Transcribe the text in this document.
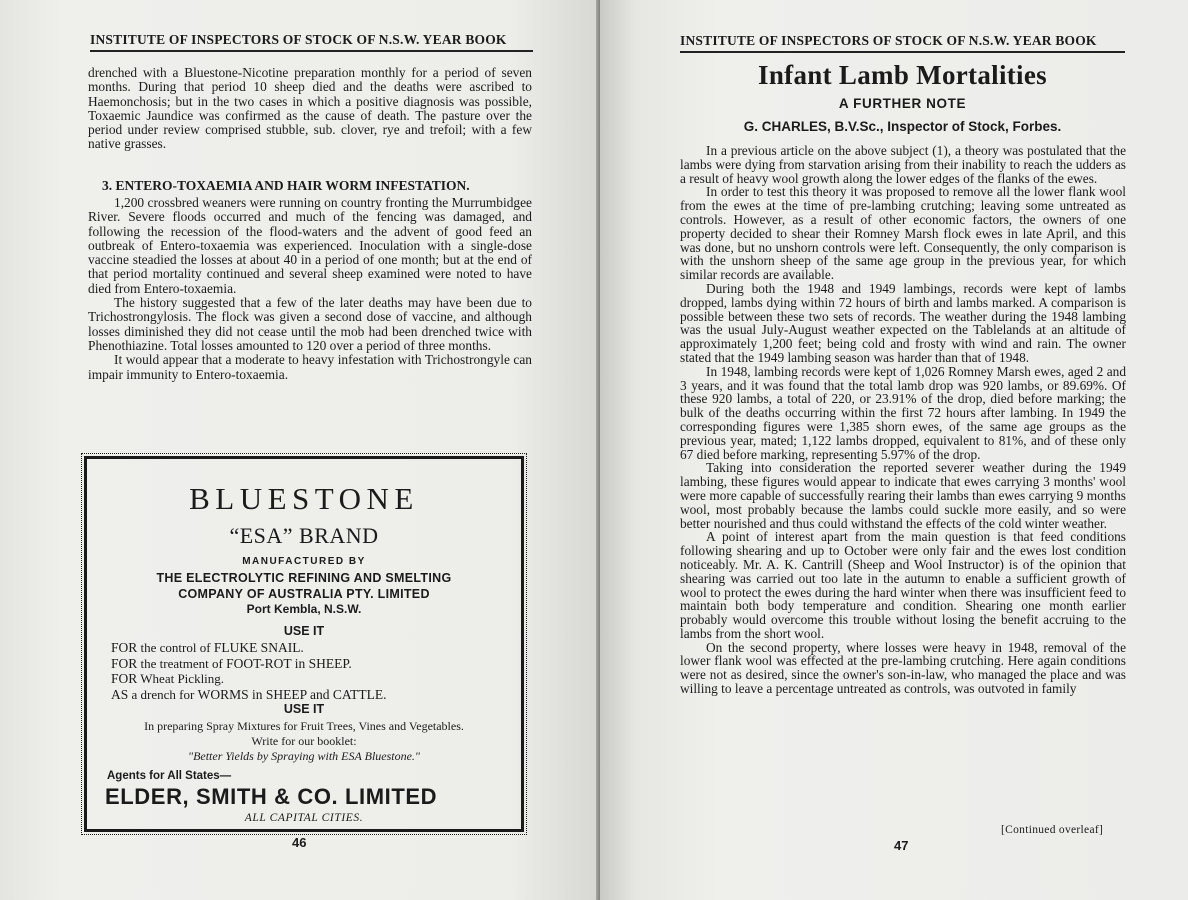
INSTITUTE OF INSPECTORS OF STOCK OF N.S.W. YEAR BOOK

drenched with a Bluestone-Nicotine preparation monthly for a period of seven months. During that period 10 sheep died and the deaths were ascribed to Haemonchosis; but in the two cases in which a positive diagnosis was possible, Toxaemic Jaundice was confirmed as the cause of death. The pasture over the period under review comprised stubble, sub. clover, rye and trefoil; with a few native grasses.

3. ENTERO-TOXAEMIA AND HAIR WORM INFESTATION.

1,200 crossbred weaners were running on country fronting the Murrumbidgee River. Severe floods occurred and much of the fencing was damaged, and following the recession of the flood-waters and the advent of good feed an outbreak of Entero-toxaemia was experienced. Inoculation with a single-dose vaccine steadied the losses at about 40 in a period of one month; but at the end of that period mortality continued and several sheep examined were noted to have died from Entero-toxaemia.

The history suggested that a few of the later deaths may have been due to Trichostrongylosis. The flock was given a second dose of vaccine, and although losses diminished they did not cease until the mob had been drenched twice with Phenothiazine. Total losses amounted to 120 over a period of three months.

It would appear that a moderate to heavy infestation with Trichostrongyle can impair immunity to Entero-toxaemia.

BLUESTONE
“ESA” BRAND
MANUFACTURED BY
THE ELECTROLYTIC REFINING AND SMELTING
COMPANY OF AUSTRALIA PTY. LIMITED
Port Kembla, N.S.W.
USE IT
FOR the control of FLUKE SNAIL.
FOR the treatment of FOOT-ROT in SHEEP.
FOR Wheat Pickling.
AS a drench for WORMS in SHEEP and CATTLE.
USE IT
In preparing Spray Mixtures for Fruit Trees, Vines and Vegetables.
Write for our booklet:
"Better Yields by Spraying with ESA Bluestone."
Agents for All States—
ELDER, SMITH & CO. LIMITED
ALL CAPITAL CITIES.
46
INSTITUTE OF INSPECTORS OF STOCK OF N.S.W. YEAR BOOK
Infant Lamb Mortalities
A FURTHER NOTE
G. CHARLES, B.V.Sc., Inspector of Stock, Forbes.

In a previous article on the above subject (1), a theory was postulated that the lambs were dying from starvation arising from their inability to reach the udders as a result of heavy wool growth along the lower edges of the flanks of the ewes.

In order to test this theory it was proposed to remove all the lower flank wool from the ewes at the time of pre-lambing crutching; leaving some untreated as controls. However, as a result of other economic factors, the owners of one property decided to shear their Romney Marsh flock ewes in late April, and this was done, but no unshorn controls were left. Consequently, the only comparison is with the unshorn sheep of the same age group in the previous year, for which similar records are available.

During both the 1948 and 1949 lambings, records were kept of lambs dropped, lambs dying within 72 hours of birth and lambs marked. A comparison is possible between these two sets of records. The weather during the 1948 lambing was the usual July-August weather expected on the Tablelands at an altitude of approximately 1,200 feet; being cold and frosty with wind and rain. The owner stated that the 1949 lambing season was harder than that of 1948.

In 1948, lambing records were kept of 1,026 Romney Marsh ewes, aged 2 and 3 years, and it was found that the total lamb drop was 920 lambs, or 89.69%. Of these 920 lambs, a total of 220, or 23.91% of the drop, died before marking; the bulk of the deaths occurring within the first 72 hours after lambing. In 1949 the corresponding figures were 1,385 shorn ewes, of the same age groups as the previous year, mated; 1,122 lambs dropped, equivalent to 81%, and of these only 67 died before marking, representing 5.97% of the drop.

Taking into consideration the reported severer weather during the 1949 lambing, these figures would appear to indicate that ewes carrying 3 months' wool were more capable of successfully rearing their lambs than ewes carrying 9 months wool, most probably because the lambs could suckle more easily, and so were better nourished and thus could withstand the effects of the cold winter weather.

A point of interest apart from the main question is that feed conditions following shearing and up to October were only fair and the ewes lost condition noticeably. Mr. A. K. Cantrill (Sheep and Wool Instructor) is of the opinion that shearing was carried out too late in the autumn to enable a sufficient growth of wool to protect the ewes during the hard winter when there was insufficient feed to maintain both body temperature and condition. Shearing one month earlier probably would overcome this trouble without losing the benefit accruing to the lambs from the short wool.

On the second property, where losses were heavy in 1948, removal of the lower flank wool was effected at the pre-lambing crutching. Here again conditions were not as desired, since the owner's son-in-law, who managed the place and was willing to leave a percentage untreated as controls, was outvoted in family

47
[Continued overleaf]
